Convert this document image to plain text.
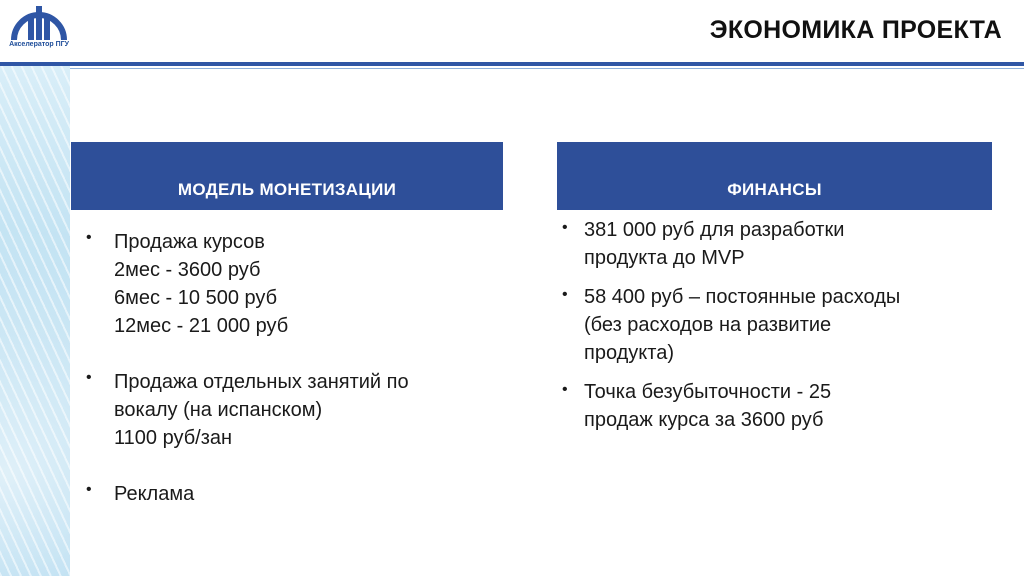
Акселератор ПГУ
ЭКОНОМИКА ПРОЕКТА
МОДЕЛЬ МОНЕТИЗАЦИИ	ФИНАНСЫ
• Продажа курсов
2мес - 3600 руб
6мес - 10 500 руб
12мес - 21 000 руб
• Продажа отдельных занятий по
вокалу (на испанском)
1100 руб/зан
• Реклама
• 381 000 руб для разработки
продукта до MVP
• 58 400 руб – постоянные расходы
(без расходов на развитие
продукта)
• Точка безубыточности - 25
продаж курса за 3600 руб
